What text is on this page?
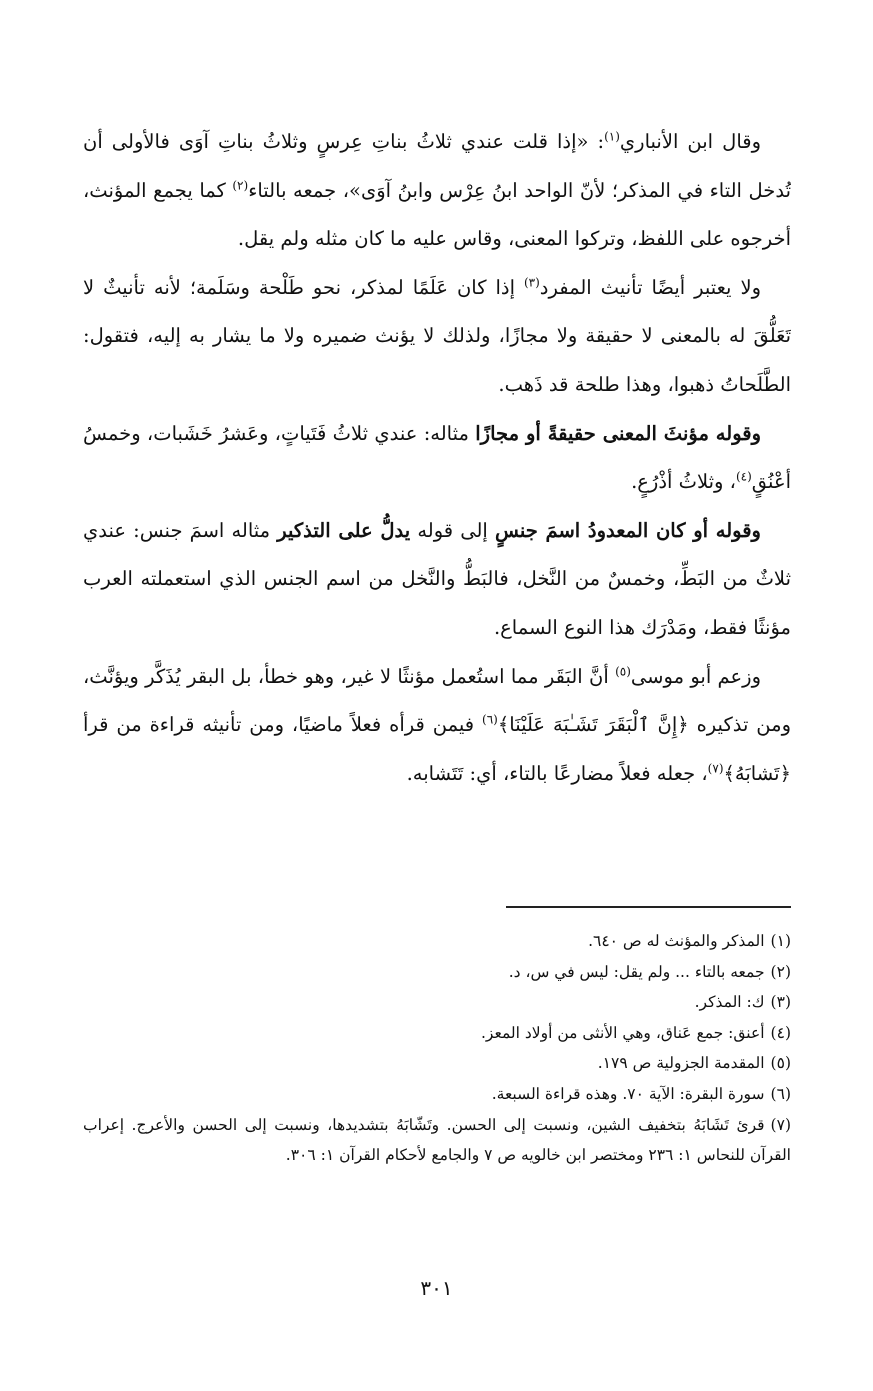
وقال ابن الأنباري$^{(١)}$: «إذا قلت عندي ثلاثُ بناتِ عِرسٍ وثلاثُ بناتِ آوَى فالأولى أن تُدخل التاء في المذكر؛ لأنّ الواحد ابنُ عِرْس وابنُ آوَى»، جمعه بالتاء$^{(٢)}$ كما يجمع المؤنث، أخرجوه على اللفظ، وتركوا المعنى، وقاس عليه ما كان مثله ولم يقل.

ولا يعتبر أيضًا تأنيث المفرد$^{(٣)}$ إذا كان عَلَمًا لمذكر، نحو طَلْحة وسَلَمة؛ لأنه تأنيثٌ لا تَعَلُّقَ له بالمعنى لا حقيقة ولا مجازًا، ولذلك لا يؤنث ضميره ولا ما يشار به إليه، فتقول: الطَّلَحاتُ ذهبوا، وهذا طلحة قد ذَهب.

وقوله مؤنثَ المعنى حقيقةً أو مجازًا مثاله: عندي ثلاثُ فَتَياتٍ، وعَشرُ خَشَبات، وخمسُ أعْنُقٍ$^{(٤)}$، وثلاثُ أذْرُعٍ.

وقوله أو كان المعدودُ اسمَ جنسٍ إلى قوله يدلُّ على التذكير مثاله اسمَ جنس: عندي ثلاثٌ من البَطِّ، وخمسٌ من النَّخل، فالبَطُّ والنَّخل من اسم الجنس الذي استعملته العرب مؤنثًا فقط، ومَدْرَك هذا النوع السماع.

وزعم أبو موسى$^{(٥)}$ أنَّ البَقَر مما استُعمل مؤنثًا لا غير، وهو خطأ، بل البقر يُذَكَّر ويؤنَّث، ومن تذكيره ﴿إِنَّ ٱلْبَقَرَ تَشَـٰبَهَ عَلَيْنَا﴾$^{(٦)}$ فيمن قرأه فعلاً ماضيًا، ومن تأنيثه قراءة من قرأ ﴿تَشابَهُ﴾$^{(٧)}$، جعله فعلاً مضارعًا بالتاء، أي: تَتَشابه.

(١)المذكر والمؤنث له ص ٦٤٠.

(٢)جمعه بالتاء ... ولم يقل: ليس في س، د.

(٣)ك: المذكر.

(٤)أعنق: جمع عَناق، وهي الأنثى من أولاد المعز.

(٥)المقدمة الجزولية ص ١٧٩.

(٦)سورة البقرة: الآية ٧٠. وهذه قراءة السبعة.

(٧)قرئ تَشَابَهُ بتخفيف الشين، ونسبت إلى الحسن. وتَشّابَهُ بتشديدها، ونسبت إلى الحسن والأعرج. إعراب القرآن للنحاس ١: ٢٣٦ ومختصر ابن خالويه ص ٧ والجامع لأحكام القرآن ١: ٣٠٦.

٣٠١
